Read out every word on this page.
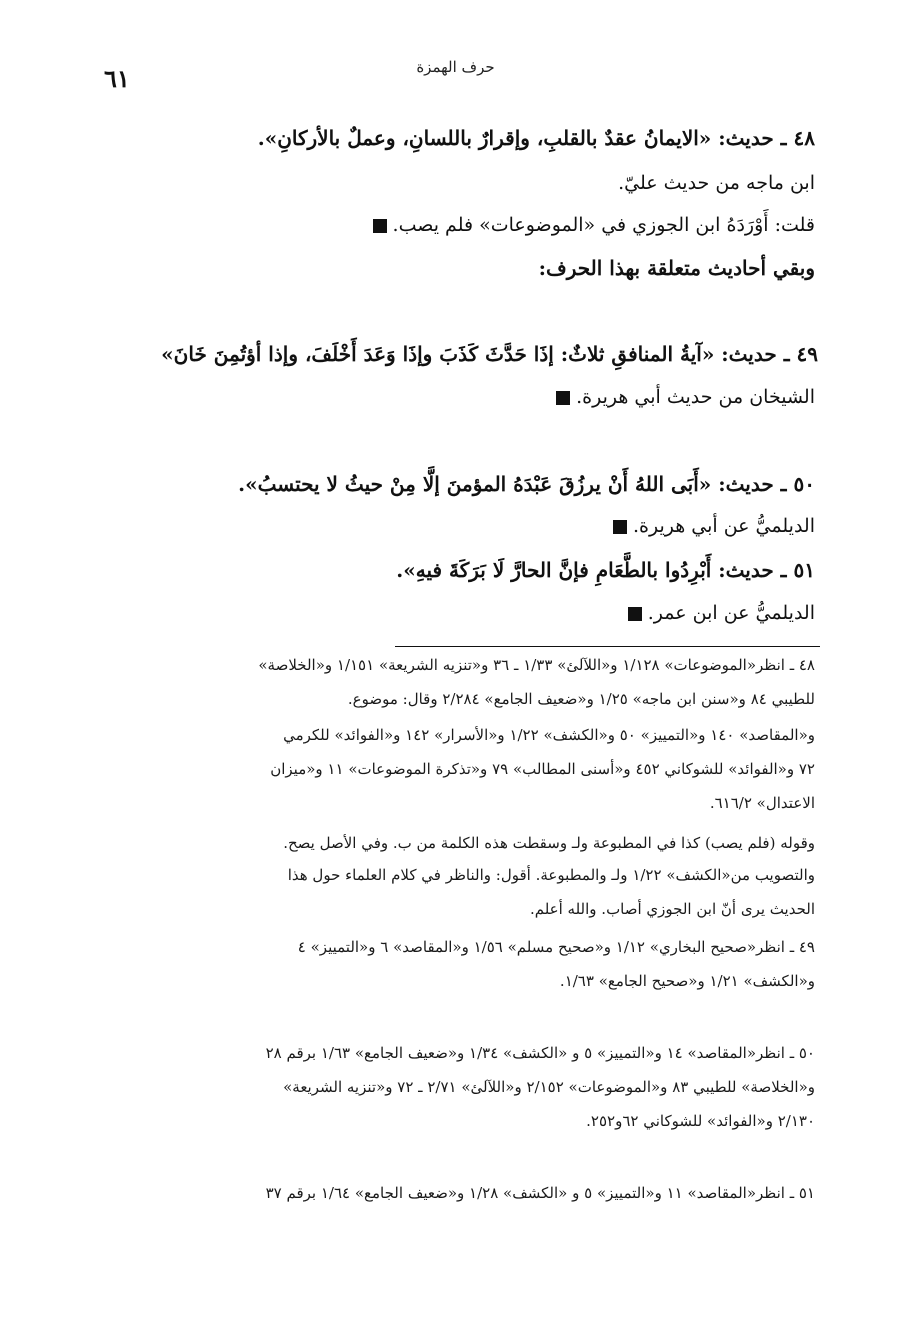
حرف الهمزة
٦١
٤٨ ـ حديث: «الايمانُ عقدٌ بالقلبِ، وإقرارٌ باللسانِ، وعملٌ بالأركانِ».
ابن ماجه من حديث عليّ.
قلت: أَوْرَدَهُ ابن الجوزي في «الموضوعات» فلم يصب.
وبقي أحاديث متعلقة بهذا الحرف:
٤٩ ـ حديث: «آيةُ المنافقِ ثلاثٌ: إذَا حَدَّثَ كَذَبَ وإذَا وَعَدَ أَخْلَفَ، وإذا أؤتُمِنَ خَانَ»
الشيخان من حديث أبي هريرة.
٥٠ ـ حديث: «أَبَى اللهُ أَنْ يرزُقَ عَبْدَهُ المؤمنَ إلَّا مِنْ حيثُ لا يحتسبُ».
الديلميُّ عن أبي هريرة.
٥١ ـ حديث: أَبْرِدُوا بالطَّعَامِ فإنَّ الحارَّ لَا بَرَكَةَ فيهِ».
الديلميُّ عن ابن عمر.
٤٨ ـ انظر«الموضوعات» ١/١٢٨ و«اللآلئ» ١/٣٣ ـ ٣٦ و«تنزيه الشريعة» ١/١٥١ و«الخلاصة»
للطيبي ٨٤ و«سنن ابن ماجه» ١/٢٥ و«ضعيف الجامع» ٢/٢٨٤ وقال: موضوع.
و«المقاصد» ١٤٠ و«التمييز» ٥٠ و«الكشف» ١/٢٢ و«الأسرار» ١٤٢ و«الفوائد» للكرمي
٧٢ و«الفوائد» للشوكاني ٤٥٢ و«أسنى المطالب» ٧٩ و«تذكرة الموضوعات» ١١ و«ميزان
الاعتدال» ٦١٦/٢.
وقوله (فلم يصب) كذا في المطبوعة ولـ وسقطت هذه الكلمة من ب. وفي الأصل يصح.
والتصويب من«الكشف» ١/٢٢ ولـ والمطبوعة. أقول: والناظر في كلام العلماء حول هذا
الحديث يرى أنّ ابن الجوزي أصاب. والله أعلم.
٤٩ ـ انظر«صحيح البخاري» ١/١٢ و«صحيح مسلم» ١/٥٦ و«المقاصد» ٦ و«التمييز» ٤
و«الكشف» ١/٢١ و«صحيح الجامع» ١/٦٣.
٥٠ ـ انظر«المقاصد» ١٤ و«التمييز» ٥ و «الكشف» ١/٣٤ و«ضعيف الجامع» ١/٦٣ برقم ٢٨
و«الخلاصة» للطيبي ٨٣ و«الموضوعات» ٢/١٥٢ و«اللآلئ» ٢/٧١ ـ ٧٢ و«تنزيه الشريعة»
٢/١٣٠ و«الفوائد» للشوكاني ٦٢و٢٥٢.
٥١ ـ انظر«المقاصد» ١١ و«التمييز» ٥ و «الكشف» ١/٢٨ و«ضعيف الجامع» ١/٦٤ برقم ٣٧
